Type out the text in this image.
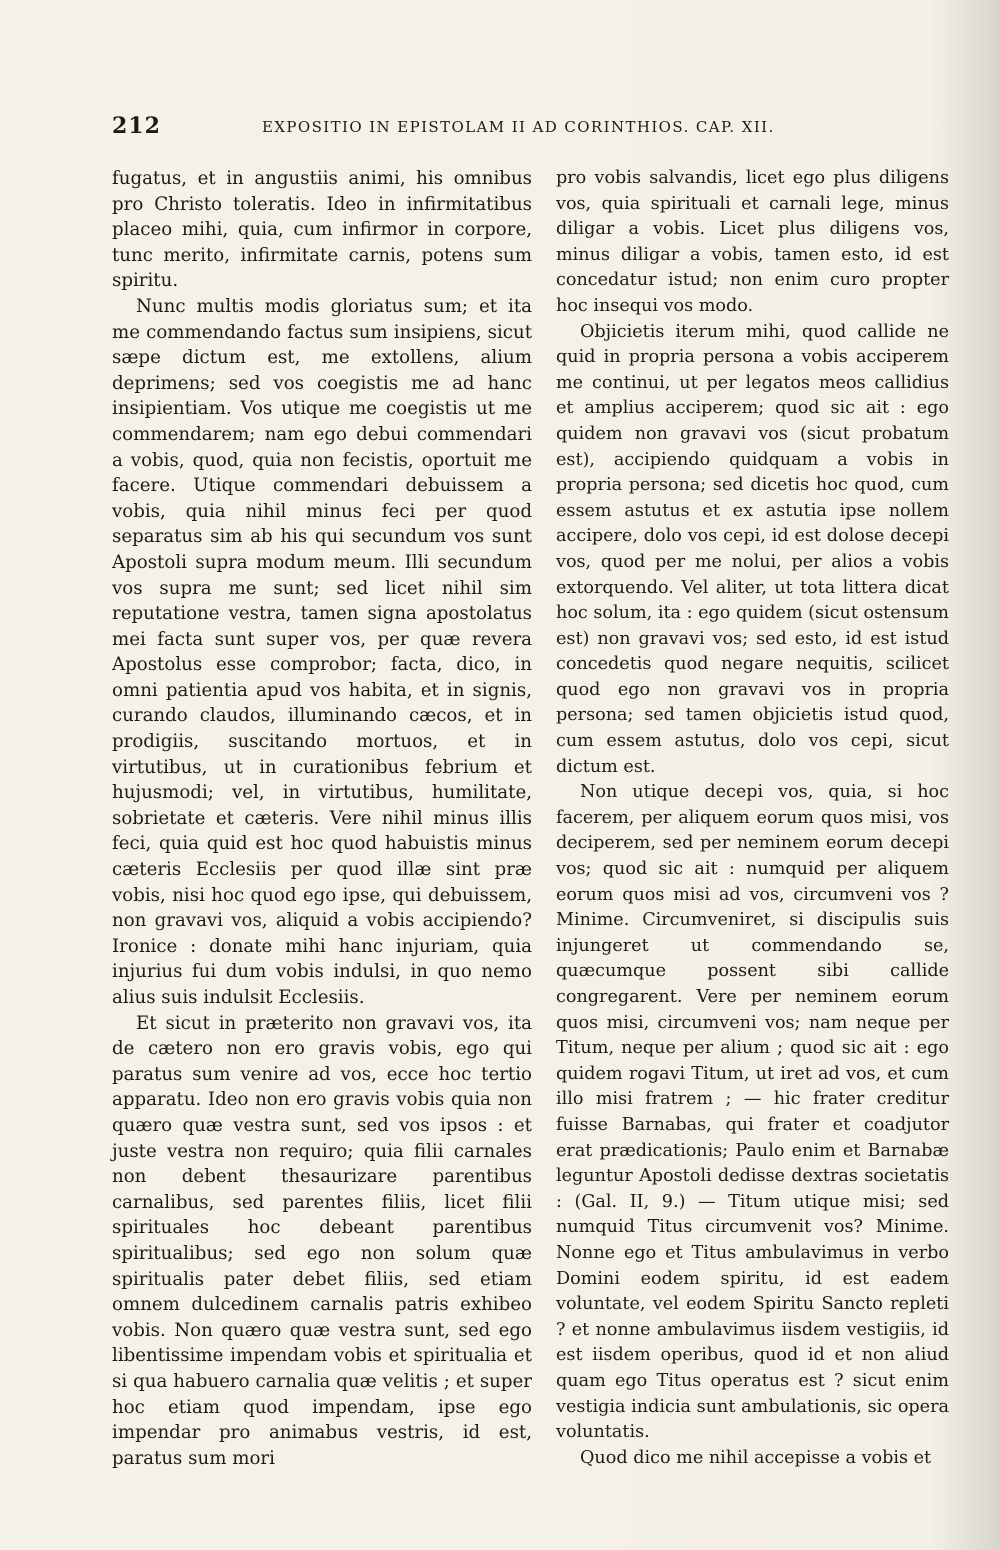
212	EXPOSITIO IN EPISTOLAM II AD CORINTHIOS. CAP. XII.

fugatus, et in angustiis animi, his omnibus pro Christo toleratis. Ideo in infirmitatibus placeo mihi, quia, cum infirmor in corpore, tunc merito, infirmitate carnis, potens sum spiritu.

Nunc multis modis gloriatus sum; et ita me commendando factus sum insipiens, sicut sæpe dictum est, me extollens, alium deprimens; sed vos coegistis me ad hanc insipientiam. Vos utique me coegistis ut me commendarem; nam ego debui commendari a vobis, quod, quia non fecistis, oportuit me facere. Utique commendari debuissem a vobis, quia nihil minus feci per quod separatus sim ab his qui secundum vos sunt Apostoli supra modum meum. Illi secundum vos supra me sunt; sed licet nihil sim reputatione vestra, tamen signa apostolatus mei facta sunt super vos, per quæ revera Apostolus esse comprobor; facta, dico, in omni patientia apud vos habita, et in signis, curando claudos, illuminando cæcos, et in prodigiis, suscitando mortuos, et in virtutibus, ut in curationibus febrium et hujusmodi; vel, in virtutibus, humilitate, sobrietate et cæteris. Vere nihil minus illis feci, quia quid est hoc quod habuistis minus cæteris Ecclesiis per quod illæ sint præ vobis, nisi hoc quod ego ipse, qui debuissem, non gravavi vos, aliquid a vobis accipiendo? Ironice : donate mihi hanc injuriam, quia injurius fui dum vobis indulsi, in quo nemo alius suis indulsit Ecclesiis.

Et sicut in præterito non gravavi vos, ita de cætero non ero gravis vobis, ego qui paratus sum venire ad vos, ecce hoc tertio apparatu. Ideo non ero gravis vobis quia non quæro quæ vestra sunt, sed vos ipsos : et juste vestra non requiro; quia filii carnales non debent thesaurizare parentibus carnalibus, sed parentes filiis, licet filii spirituales hoc debeant parentibus spiritualibus; sed ego non solum quæ spiritualis pater debet filiis, sed etiam omnem dulcedinem carnalis patris exhibeo vobis. Non quæro quæ vestra sunt, sed ego libentissime impendam vobis et spiritualia et si qua habuero carnalia quæ velitis ; et super hoc etiam quod impendam, ipse ego impendar pro animabus vestris, id est, paratus sum mori

pro vobis salvandis, licet ego plus diligens vos, quia spirituali et carnali lege, minus diligar a vobis. Licet plus diligens vos, minus diligar a vobis, tamen esto, id est concedatur istud; non enim curo propter hoc insequi vos modo.

Objicietis iterum mihi, quod callide ne quid in propria persona a vobis acciperem me continui, ut per legatos meos callidius et amplius acciperem; quod sic ait : ego quidem non gravavi vos (sicut probatum est), accipiendo quidquam a vobis in propria persona; sed dicetis hoc quod, cum essem astutus et ex astutia ipse nollem accipere, dolo vos cepi, id est dolose decepi vos, quod per me nolui, per alios a vobis extorquendo. Vel aliter, ut tota littera dicat hoc solum, ita : ego quidem (sicut ostensum est) non gravavi vos; sed esto, id est istud concedetis quod negare nequitis, scilicet quod ego non gravavi vos in propria persona; sed tamen objicietis istud quod, cum essem astutus, dolo vos cepi, sicut dictum est.

Non utique decepi vos, quia, si hoc facerem, per aliquem eorum quos misi, vos deciperem, sed per neminem eorum decepi vos; quod sic ait : numquid per aliquem eorum quos misi ad vos, circumveni vos ? Minime. Circumveniret, si discipulis suis injungeret ut commendando se, quæcumque possent sibi callide congregarent. Vere per neminem eorum quos misi, circumveni vos; nam neque per Titum, neque per alium ; quod sic ait : ego quidem rogavi Titum, ut iret ad vos, et cum illo misi fratrem ; — hic frater creditur fuisse Barnabas, qui frater et coadjutor erat prædicationis; Paulo enim et Barnabæ leguntur Apostoli dedisse dextras societatis : (Gal. II, 9.) — Titum utique misi; sed numquid Titus circumvenit vos? Minime. Nonne ego et Titus ambulavimus in verbo Domini eodem spiritu, id est eadem voluntate, vel eodem Spiritu Sancto repleti ? et nonne ambulavimus iisdem vestigiis, id est iisdem operibus, quod id et non aliud quam ego Titus operatus est ? sicut enim vestigia indicia sunt ambulationis, sic opera voluntatis.

Quod dico me nihil accepisse a vobis et
